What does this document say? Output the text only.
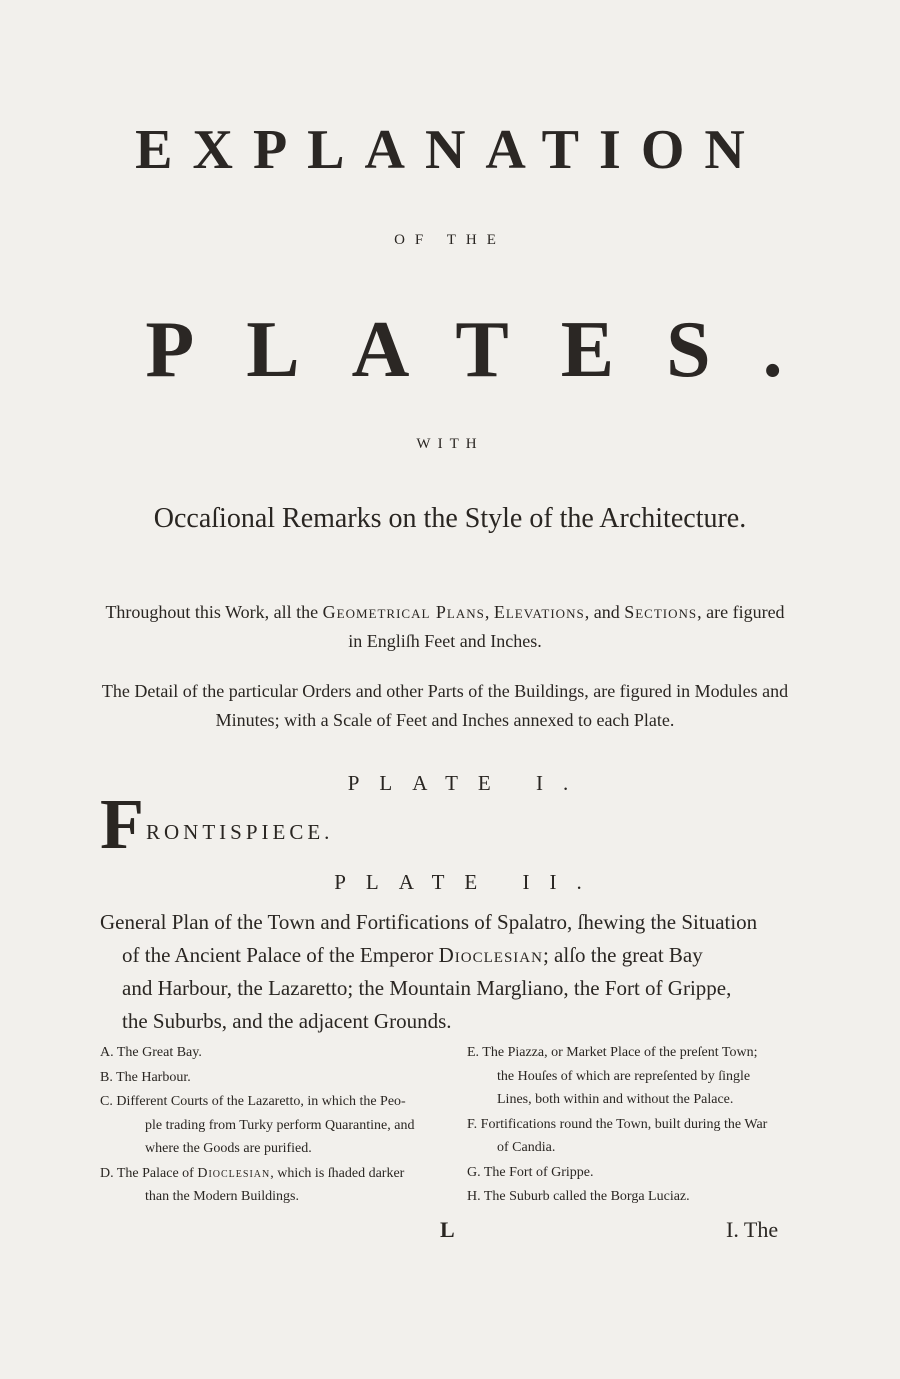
EXPLANATION
OF THE
PLATES.
WITH
Occaſional Remarks on the Style of the Architecture.
Throughout this Work, all the Geometrical Plans, Elevations, and Sections, are figured in Engliſh Feet and Inches.
The Detail of the particular Orders and other Parts of the Buildings, are figured in Modules and Minutes; with a Scale of Feet and Inches annexed to each Plate.
PLATE I.
F RONTISPIECE.
PLATE II.
General Plan of the Town and Fortifications of Spalatro, ſhewing the Situation
of the Ancient Palace of the Emperor Dioclesian; alſo the great Bay
and Harbour, the Lazaretto; the Mountain Margliano, the Fort of Grippe,
the Suburbs, and the adjacent Grounds.
A. The Great Bay.
B. The Harbour.
C. Different Courts of the Lazaretto, in which the Peo-
ple trading from Turky perform Quarantine, and
where the Goods are purified.
D. The Palace of Dioclesian, which is ſhaded darker
than the Modern Buildings.
E. The Piazza, or Market Place of the preſent Town;
the Houſes of which are repreſented by ſingle
Lines, both within and without the Palace.
F. Fortifications round the Town, built during the War
of Candia.
G. The Fort of Grippe.
H. The Suburb called the Borga Luciaz.
L	I. The
